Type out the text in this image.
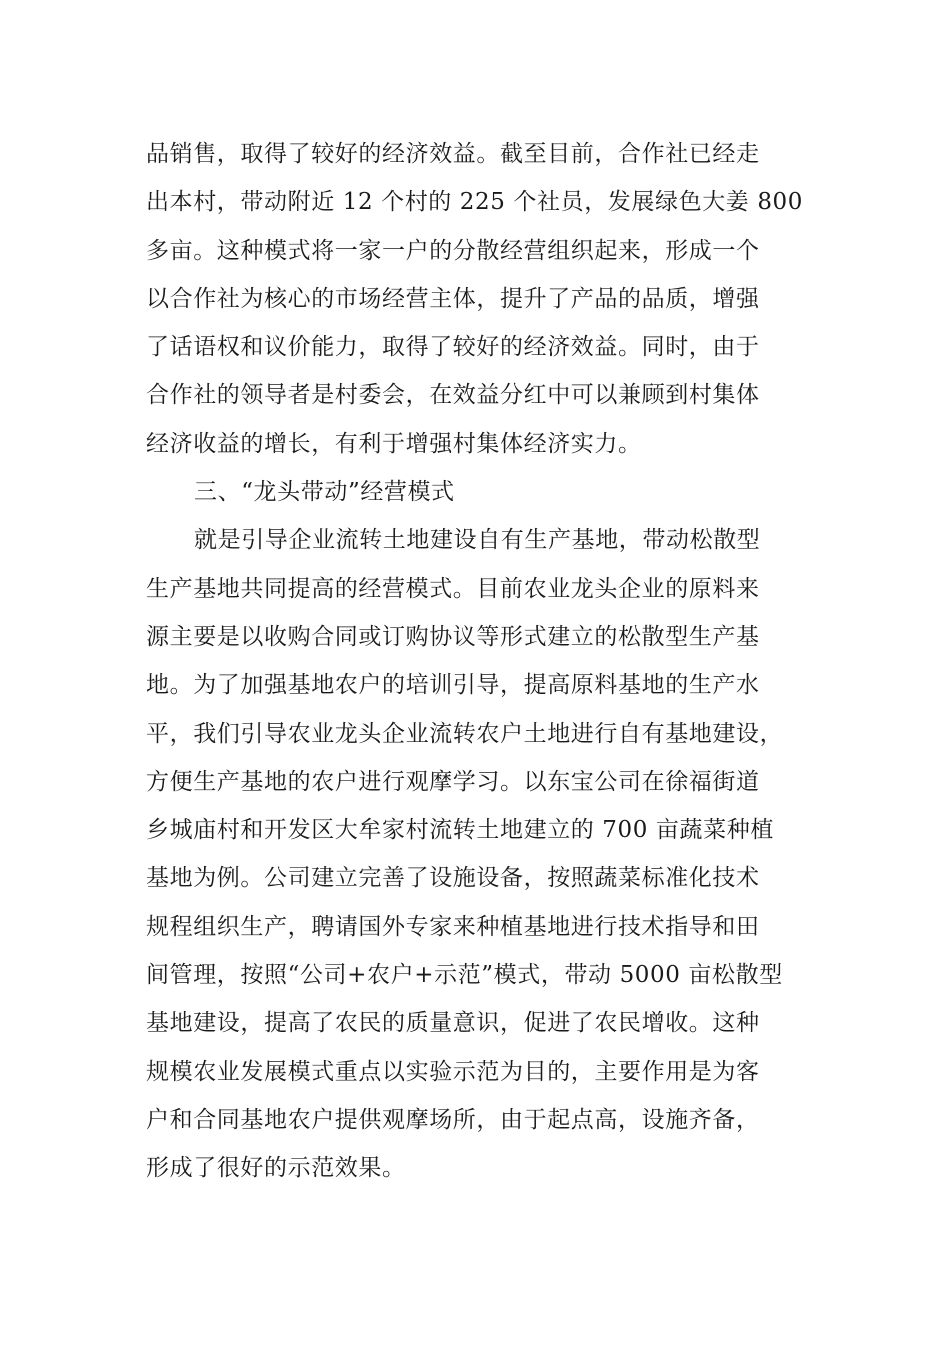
品销售，取得了较好的经济效益。截至目前，合作社已经走
出本村，带动附近 12 个村的 225 个社员，发展绿色大姜 800
多亩。这种模式将一家一户的分散经营组织起来，形成一个
以合作社为核心的市场经营主体，提升了产品的品质，增强
了话语权和议价能力，取得了较好的经济效益。同时，由于
合作社的领导者是村委会，在效益分红中可以兼顾到村集体
经济收益的增长，有利于增强村集体经济实力。
三、“龙头带动”经营模式
就是引导企业流转土地建设自有生产基地，带动松散型
生产基地共同提高的经营模式。目前农业龙头企业的原料来
源主要是以收购合同或订购协议等形式建立的松散型生产基
地。为了加强基地农户的培训引导，提高原料基地的生产水
平，我们引导农业龙头企业流转农户土地进行自有基地建设，
方便生产基地的农户进行观摩学习。以东宝公司在徐福街道
乡城庙村和开发区大牟家村流转土地建立的 700 亩蔬菜种植
基地为例。公司建立完善了设施设备，按照蔬菜标准化技术
规程组织生产，聘请国外专家来种植基地进行技术指导和田
间管理，按照“公司+农户+示范”模式，带动 5000 亩松散型
基地建设，提高了农民的质量意识，促进了农民增收。这种
规模农业发展模式重点以实验示范为目的，主要作用是为客
户和合同基地农户提供观摩场所，由于起点高，设施齐备，
形成了很好的示范效果。
